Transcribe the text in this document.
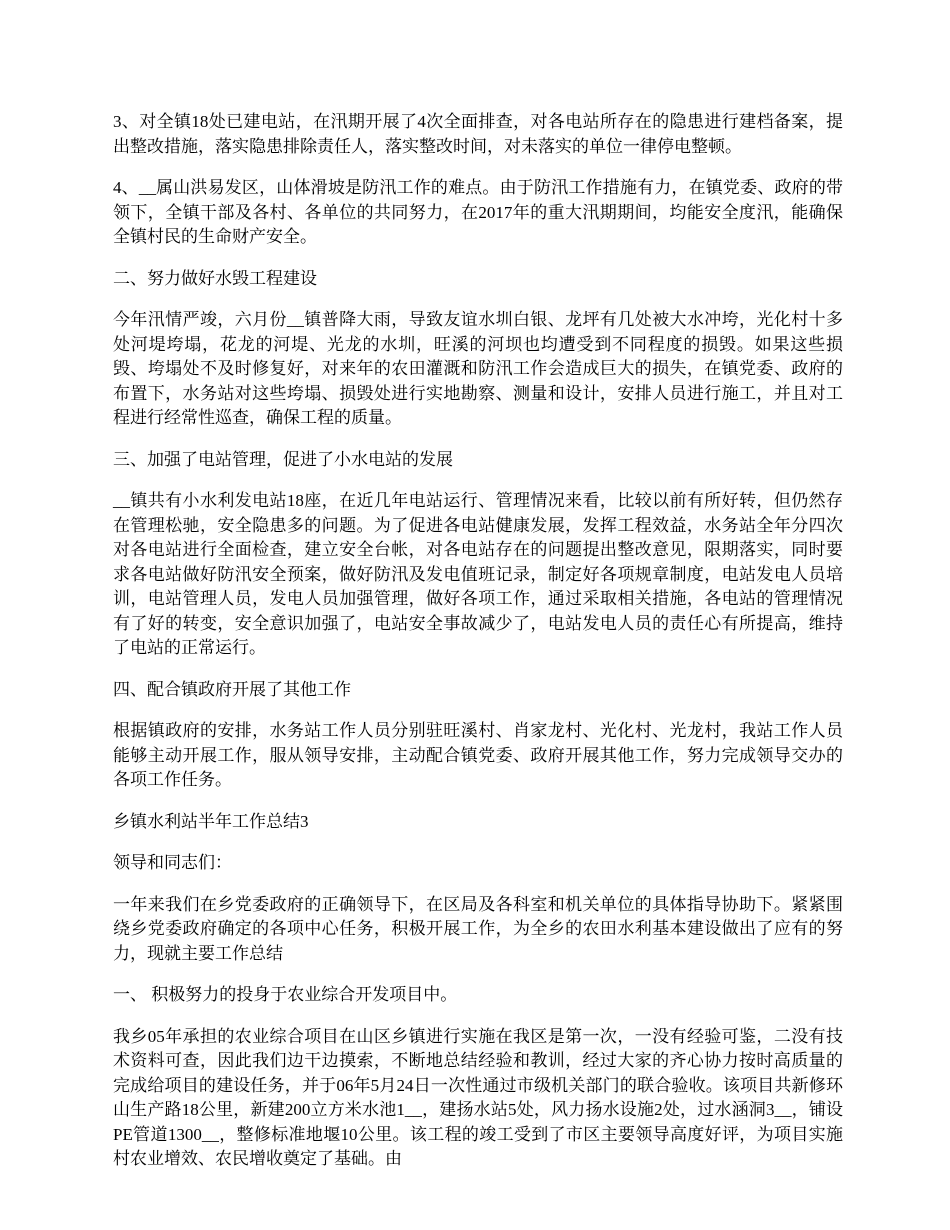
3、对全镇18处已建电站，在汛期开展了4次全面排查，对各电站所存在的隐患进行建档备案，提出整改措施，落实隐患排除责任人，落实整改时间，对未落实的单位一律停电整顿。

4、__属山洪易发区，山体滑坡是防汛工作的难点。由于防汛工作措施有力，在镇党委、政府的带领下，全镇干部及各村、各单位的共同努力，在2017年的重大汛期期间，均能安全度汛，能确保全镇村民的生命财产安全。

二、努力做好水毁工程建设

今年汛情严竣，六月份__镇普降大雨，导致友谊水圳白银、龙坪有几处被大水冲垮，光化村十多处河堤垮塌，花龙的河堤、光龙的水圳，旺溪的河坝也均遭受到不同程度的损毁。如果这些损毁、垮塌处不及时修复好，对来年的农田灌溉和防汛工作会造成巨大的损失，在镇党委、政府的布置下，水务站对这些垮塌、损毁处进行实地勘察、测量和设计，安排人员进行施工，并且对工程进行经常性巡查，确保工程的质量。

三、加强了电站管理，促进了小水电站的发展

__镇共有小水利发电站18座，在近几年电站运行、管理情况来看，比较以前有所好转，但仍然存在管理松驰，安全隐患多的问题。为了促进各电站健康发展，发挥工程效益，水务站全年分四次对各电站进行全面检查，建立安全台帐，对各电站存在的问题提出整改意见，限期落实，同时要求各电站做好防汛安全预案，做好防汛及发电值班记录，制定好各项规章制度，电站发电人员培训，电站管理人员，发电人员加强管理，做好各项工作，通过采取相关措施，各电站的管理情况有了好的转变，安全意识加强了，电站安全事故减少了，电站发电人员的责任心有所提高，维持了电站的正常运行。

四、配合镇政府开展了其他工作

根据镇政府的安排，水务站工作人员分别驻旺溪村、肖家龙村、光化村、光龙村，我站工作人员能够主动开展工作，服从领导安排，主动配合镇党委、政府开展其他工作，努力完成领导交办的各项工作任务。

乡镇水利站半年工作总结3

领导和同志们：

一年来我们在乡党委政府的正确领导下，在区局及各科室和机关单位的具体指导协助下。紧紧围绕乡党委政府确定的各项中心任务，积极开展工作，为全乡的农田水利基本建设做出了应有的努力，现就主要工作总结

一、 积极努力的投身于农业综合开发项目中。

我乡05年承担的农业综合项目在山区乡镇进行实施在我区是第一次，一没有经验可鉴，二没有技术资料可查，因此我们边干边摸索，不断地总结经验和教训，经过大家的齐心协力按时高质量的完成给项目的建设任务，并于06年5月24日一次性通过市级机关部门的联合验收。该项目共新修环山生产路18公里，新建200立方米水池1__，建扬水站5处，风力扬水设施2处，过水涵洞3__，铺设PE管道1300__，整修标准地堰10公里。该工程的竣工受到了市区主要领导高度好评，为项目实施村农业增效、农民增收奠定了基础。由
